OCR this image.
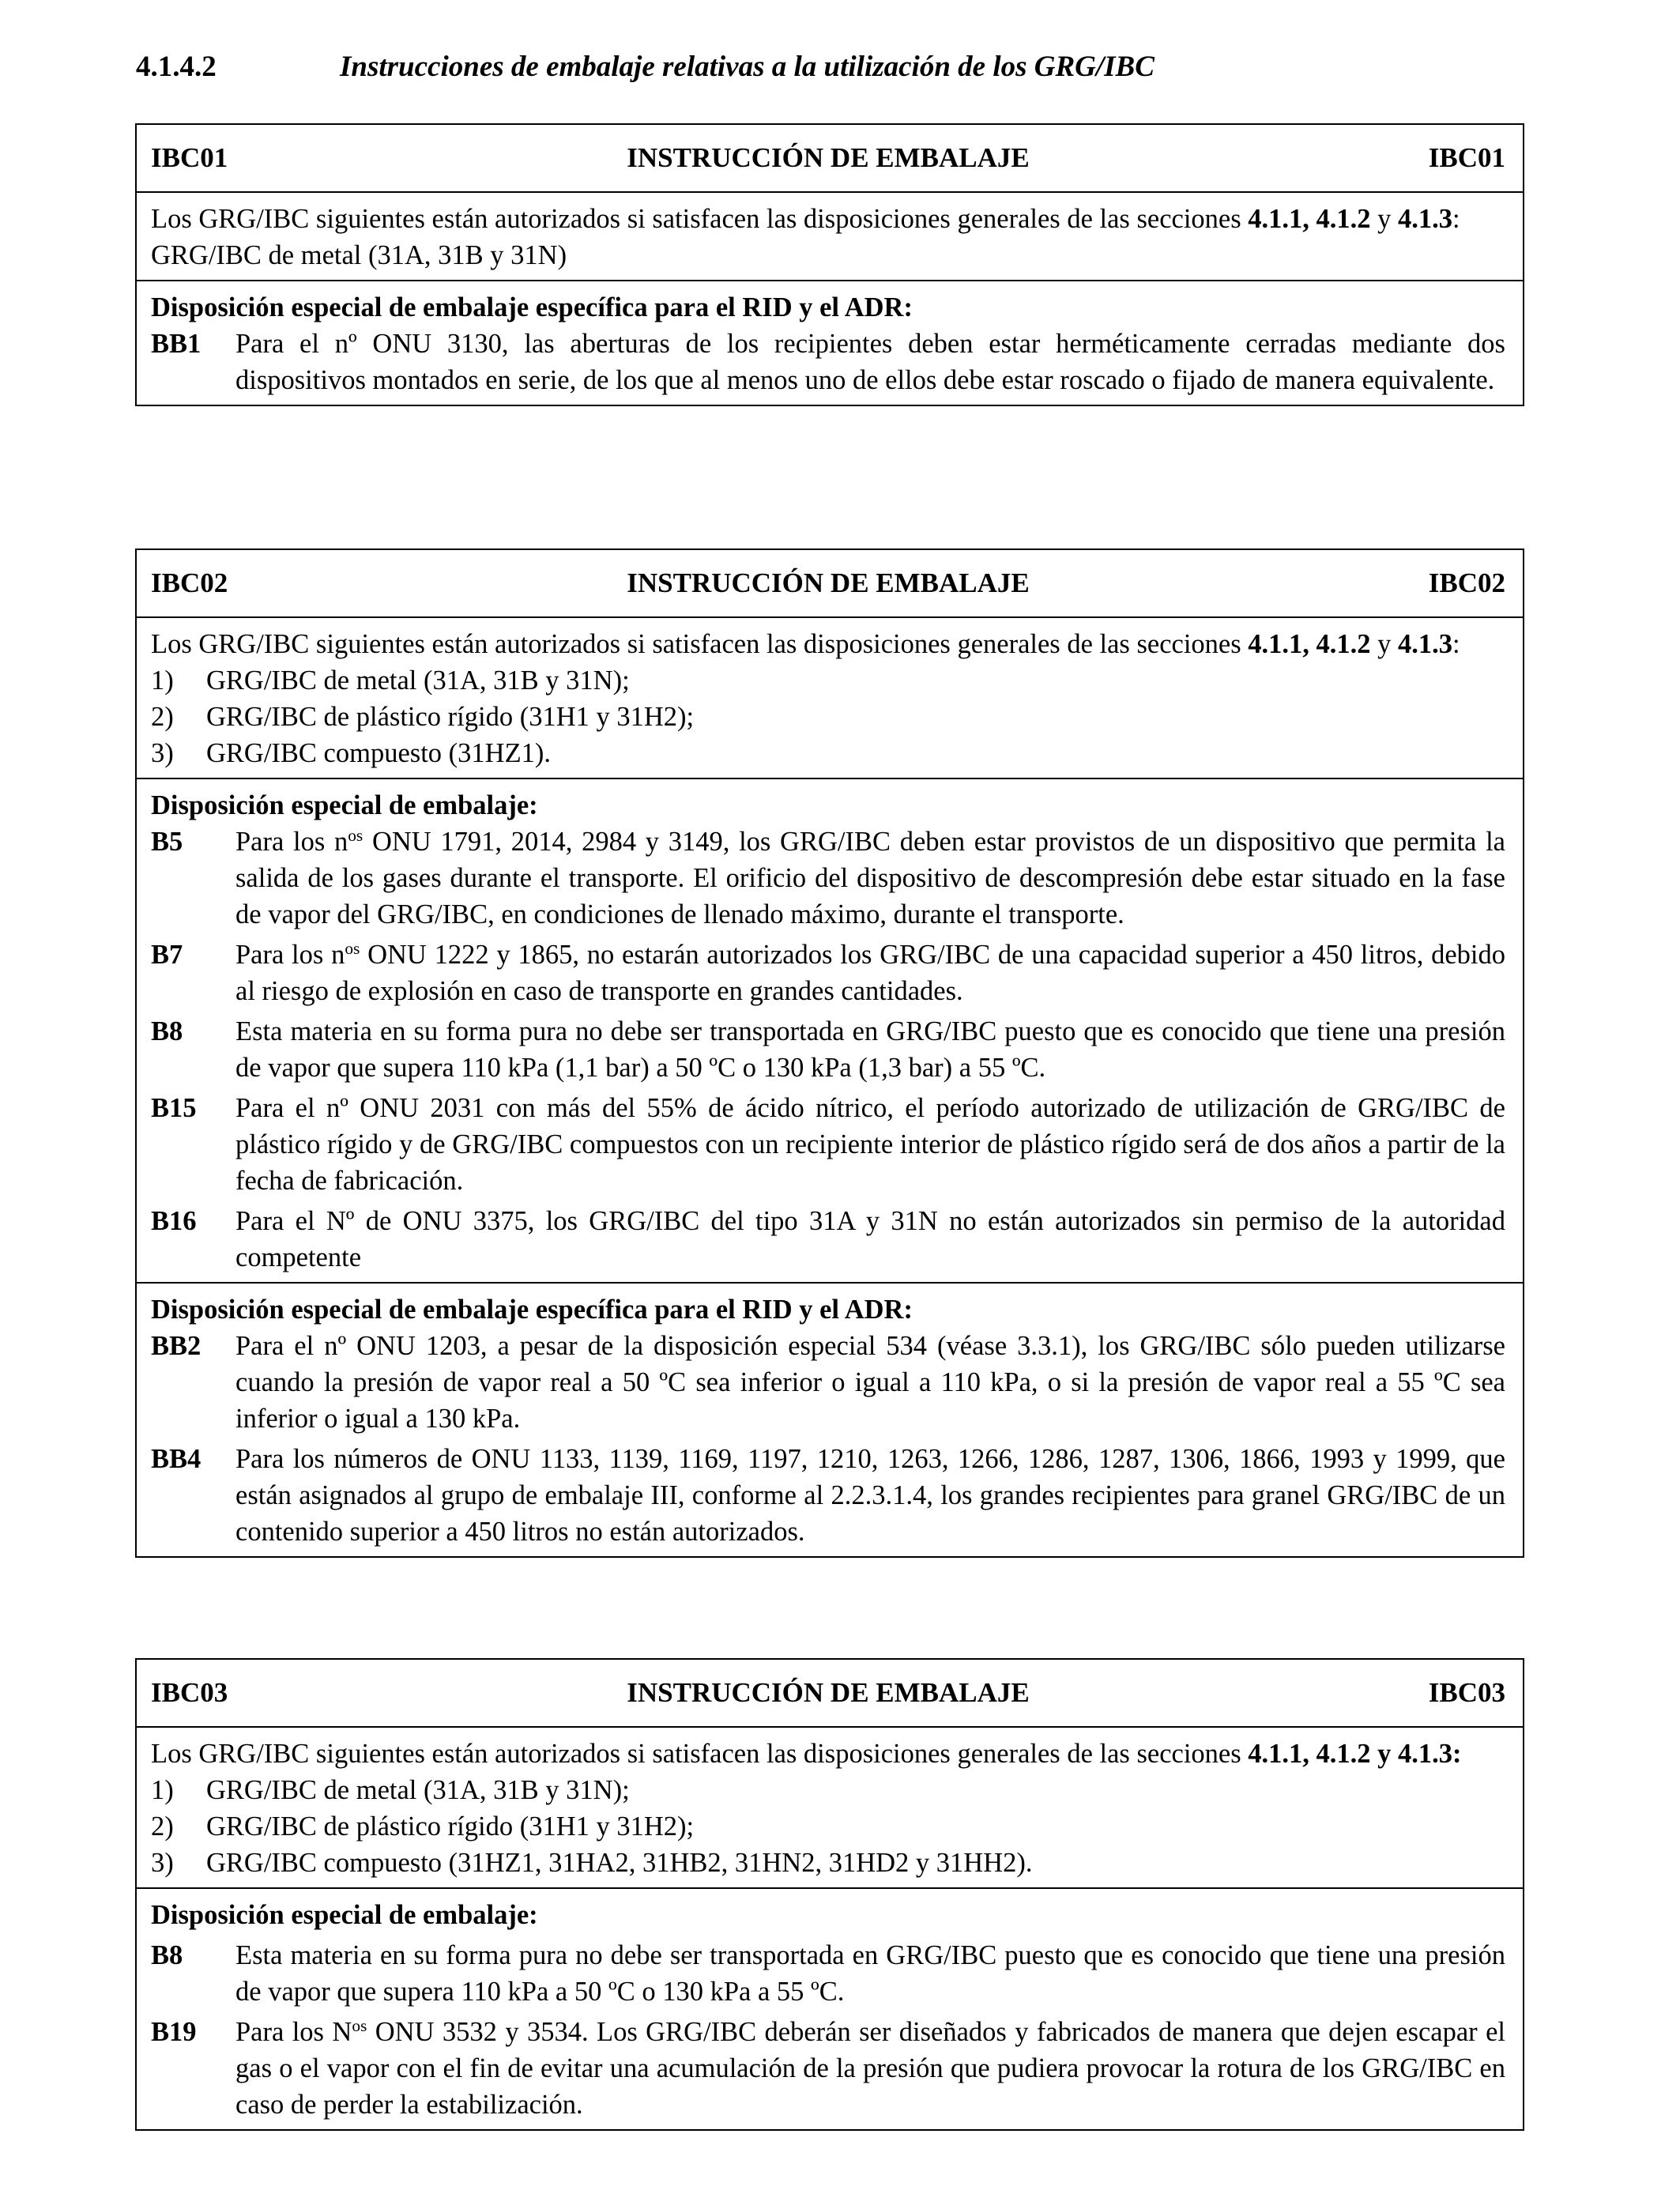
4.1.4.2	Instrucciones de embalaje relativas a la utilización de los GRG/IBC
IBC01	INSTRUCCIÓN DE EMBALAJE	IBC01
Los GRG/IBC siguientes están autorizados si satisfacen las disposiciones generales de las secciones 4.1.1, 4.1.2 y 4.1.3:
GRG/IBC de metal (31A, 31B y 31N)
Disposición especial de embalaje específica para el RID y el ADR:
BB1	Para el nº ONU 3130, las aberturas de los recipientes deben estar herméticamente cerradas mediante dos dispositivos montados en serie, de los que al menos uno de ellos debe estar roscado o fijado de manera equivalente.
IBC02	INSTRUCCIÓN DE EMBALAJE	IBC02
Los GRG/IBC siguientes están autorizados si satisfacen las disposiciones generales de las secciones 4.1.1, 4.1.2 y 4.1.3:
1)	GRG/IBC de metal (31A, 31B y 31N);
2)	GRG/IBC de plástico rígido (31H1 y 31H2);
3)	GRG/IBC compuesto (31HZ1).
Disposición especial de embalaje:
B5	Para los $n^{os}$ ONU 1791, 2014, 2984 y 3149, los GRG/IBC deben estar provistos de un dispositivo que permita la salida de los gases durante el transporte. El orificio del dispositivo de descompresión debe estar situado en la fase de vapor del GRG/IBC, en condiciones de llenado máximo, durante el transporte.
B7	Para los $n^{os}$ ONU 1222 y 1865, no estarán autorizados los GRG/IBC de una capacidad superior a 450 litros, debido al riesgo de explosión en caso de transporte en grandes cantidades.
B8	Esta materia en su forma pura no debe ser transportada en GRG/IBC puesto que es conocido que tiene una presión de vapor que supera 110 kPa (1,1 bar) a 50 ºC o 130 kPa (1,3 bar) a 55 ºC.
B15	Para el nº ONU 2031 con más del 55% de ácido nítrico, el período autorizado de utilización de GRG/IBC de plástico rígido y de GRG/IBC compuestos con un recipiente interior de plástico rígido será de dos años a partir de la fecha de fabricación.
B16	Para el Nº de ONU 3375, los GRG/IBC del tipo 31A y 31N no están autorizados sin permiso de la autoridad competente
Disposición especial de embalaje específica para el RID y el ADR:
BB2	Para el nº ONU 1203, a pesar de la disposición especial 534 (véase 3.3.1), los GRG/IBC sólo pueden utilizarse cuando la presión de vapor real a 50 ºC sea inferior o igual a 110 kPa, o si la presión de vapor real a 55 ºC sea inferior o igual a 130 kPa.
BB4	Para los números de ONU 1133, 1139, 1169, 1197, 1210, 1263, 1266, 1286, 1287, 1306, 1866, 1993 y 1999, que están asignados al grupo de embalaje III, conforme al 2.2.3.1.4, los grandes recipientes para granel GRG/IBC de un contenido superior a 450 litros no están autorizados.
IBC03	INSTRUCCIÓN DE EMBALAJE	IBC03
Los GRG/IBC siguientes están autorizados si satisfacen las disposiciones generales de las secciones 4.1.1, 4.1.2 y 4.1.3:
1)	GRG/IBC de metal (31A, 31B y 31N);
2)	GRG/IBC de plástico rígido (31H1 y 31H2);
3)	GRG/IBC compuesto (31HZ1, 31HA2, 31HB2, 31HN2, 31HD2 y 31HH2).
Disposición especial de embalaje:
B8	Esta materia en su forma pura no debe ser transportada en GRG/IBC puesto que es conocido que tiene una presión de vapor que supera 110 kPa a 50 ºC o 130 kPa a 55 ºC.
B19	Para los $N^{os}$ ONU 3532 y 3534. Los GRG/IBC deberán ser diseñados y fabricados de manera que dejen escapar el gas o el vapor con el fin de evitar una acumulación de la presión que pudiera provocar la rotura de los GRG/IBC en caso de perder la estabilización.
